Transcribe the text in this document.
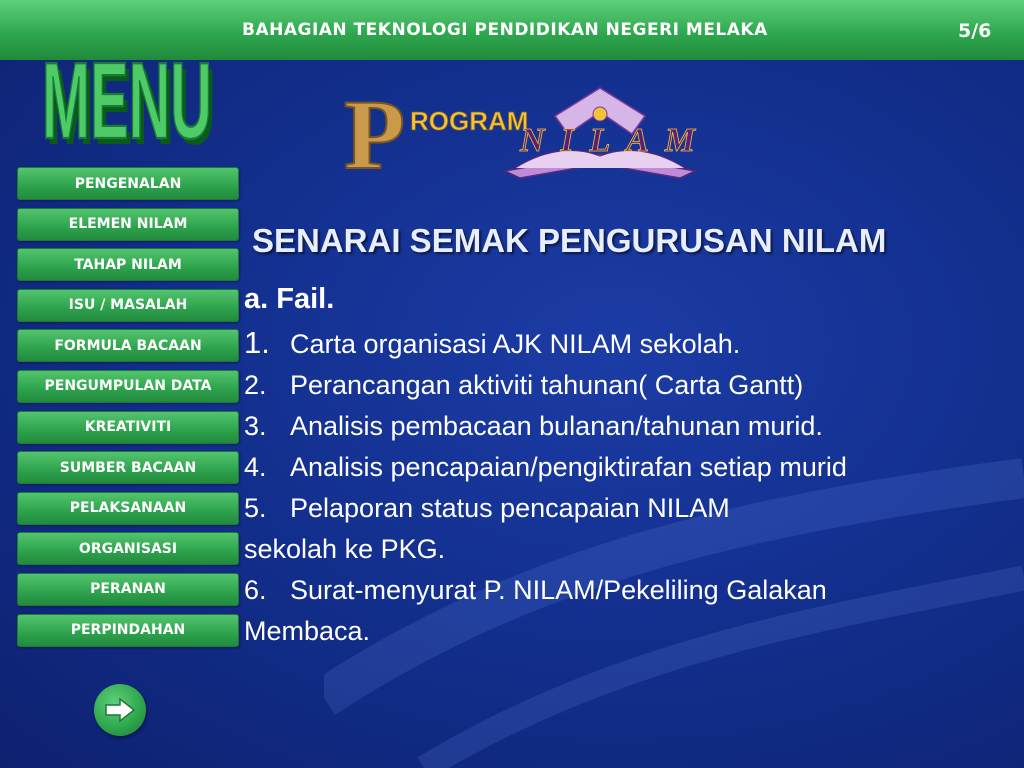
BAHAGIAN TEKNOLOGI PENDIDIKAN NEGERI MELAKA	5/6
MENU
MENU P ROGRAM
NILAM
PENGENALAN
ELEMEN NILAM
TAHAP NILAM
ISU / MASALAH
FORMULA BACAAN
PENGUMPULAN DATA
KREATIVITI
SUMBER BACAAN
PELAKSANAAN
ORGANISASI
PERANAN
PERPINDAHAN
SENARAI SEMAK PENGURUSAN NILAM
a. Fail.
1. Carta organisasi AJK NILAM sekolah.
2. Perancangan aktiviti tahunan( Carta Gantt)
3. Analisis pembacaan bulanan/tahunan murid.
4. Analisis pencapaian/pengiktirafan setiap murid
5. Pelaporan status pencapaian NILAM
sekolah ke PKG.
6. Surat-menyurat P. NILAM/Pekeliling Galakan
Membaca.
